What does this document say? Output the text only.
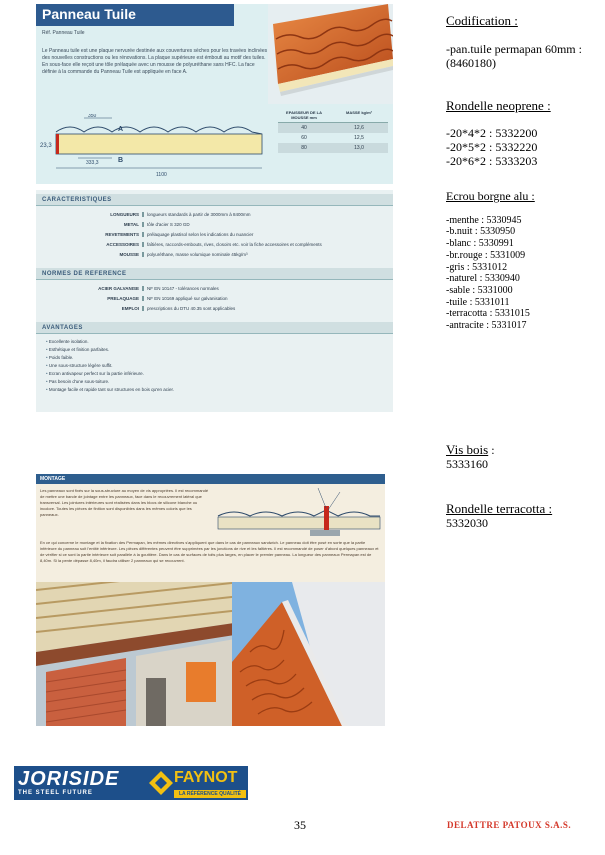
Panneau Tuile
Réf. Panneau Tuile
Le Panneau tuile est une plaque nervurée destinée aux couvertures sèches pour les travées inclinées des nouvelles constructions ou les rénovations. La plaque supérieure est émbouti au motif des tuiles. En sous-face elle reçoit une tôle prélaquée avec un mousse de polyuréthane sans HFC. La face définie à la commande du Panneau Tuile est appliquée en face A.
EPAISSEUR DE LA MOUSSE mm
MASSE kg/m²
40	12,6
60	12,5
80	13,0
23,3
350
A
B
333,3
1100
CARACTERISTIQUES
LONGUEURS	longueurs standards à partir de 3000mm à 8400mm
METAL	tôle d'acier S 320 GD
REVETEMENTS	prélaquage plastisol selon les indications du nuancier
ACCESSOIRES	faîtières, raccords-embouts, rives, closoirs etc. voir la fiche accessoires et compléments
MOUSSE	polyuréthane, masse volumique nominale 45kg/m³
NORMES DE REFERENCE
ACIER GALVANISE	NF EN 10147 - tolérances normales
PRELAQUAGE	NF EN 10169 appliqué sur galvanisation
EMPLOI	prescriptions du DTU 40.35 sont applicables
AVANTAGES
• Excellente isolation.
• Esthétique et finition parfaites.
• Poids faible.
• Une sous-structure légère suffit.
• Ecran antivapeur perfect sur la partie inférieure.
• Pas besoin d'une sous-toiture.
• Montage facile et rapide tant sur structures en bois qu'en acier.
MONTAGE
Les panneaux sont fixés sur la sous-structure au moyen de vis appropriées. Il est recommandé de mettre une bande de jointage entre les panneaux, face dans le recouvrement latéral que transversal. Les jointures intérieures sont réalisées dans les blocs de silicone blanche ou incolore. Toutes les pièces de finition sont disponibles dans les mêmes coloris que les panneaux.
En ce qui concerne le montage et la fixation des Permapan, les mêmes directives s'appliquent que dans le cas de panneaux sandwich. Le panneau doit être posé en sorte que la partie inférieure du panneau soit l'entité inférieure. Les pièces différentes peuvent être supprimées par les jonctions de rive et les faîtières. Il est recommandé de poser d'abord quelques panneaux et de vérifier si ce sont la partie intérieure soit parallèle à la gouttière. Dans le cas de surfaces de toits plus larges, en placer le premier panneau. La longueur des panneaux Permapan est de 8,40m. Si la pente dépasse 8,40m, il faudra utiliser 2 panneaux qui se recouvrent.
JORISIDE
THE STEEL FUTURE
FAYNOT
LA RÉFÉRENCE QUALITÉ
Codification :
-pan.tuile permapan 60mm :
(8460180)
Rondelle neoprene :
-20*4*2 : 5332200
-20*5*2 : 5332220
-20*6*2 : 5333203
Ecrou borgne alu :
-menthe : 5330945
-b.nuit : 5330950
-blanc : 5330991
-br.rouge : 5331009
-gris : 5331012
-naturel : 5330940
-sable : 5331000
-tuile : 5331011
-terracotta : 5331015
-antracite : 5331017
Vis bois :
5333160
Rondelle terracotta :
5332030
35	DELATTRE PATOUX S.A.S.
